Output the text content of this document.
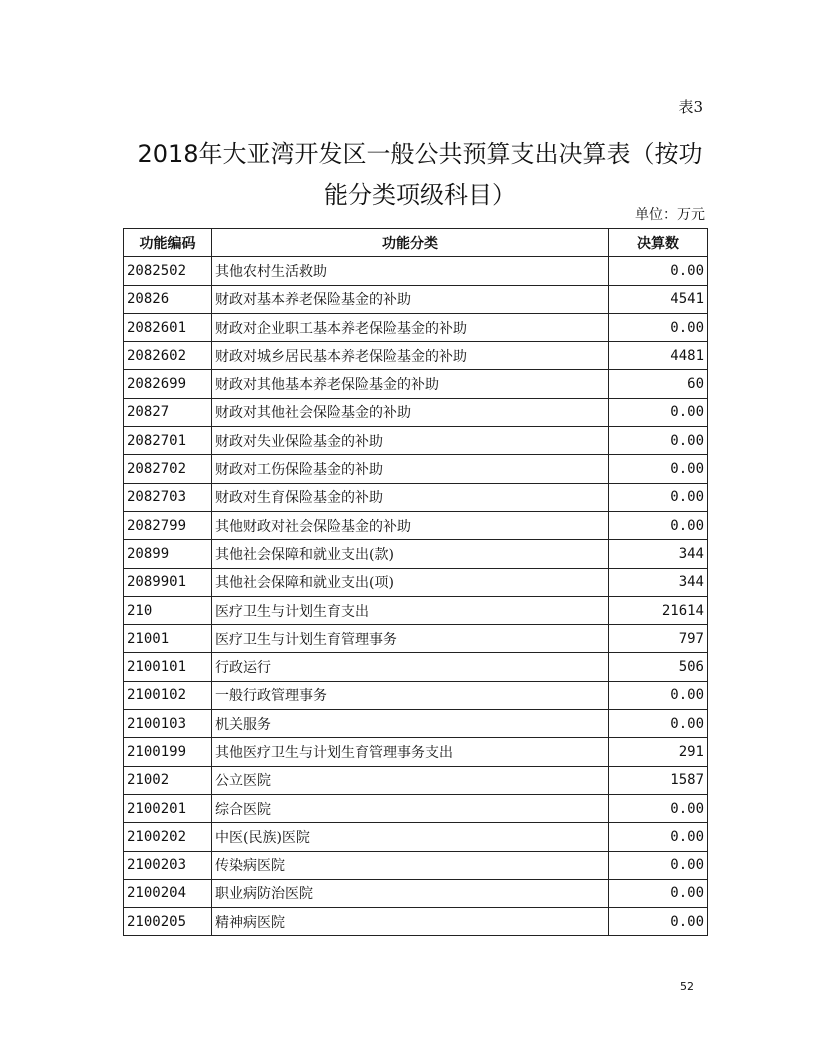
表3
2018年大亚湾开发区一般公共预算支出决算表（按功
能分类项级科目）
单位：万元
功能编码	功能分类	决算数
2082502	其他农村生活救助	0.00
20826	财政对基本养老保险基金的补助	4541
2082601	财政对企业职工基本养老保险基金的补助	0.00
2082602	财政对城乡居民基本养老保险基金的补助	4481
2082699	财政对其他基本养老保险基金的补助	60
20827	财政对其他社会保险基金的补助	0.00
2082701	财政对失业保险基金的补助	0.00
2082702	财政对工伤保险基金的补助	0.00
2082703	财政对生育保险基金的补助	0.00
2082799	其他财政对社会保险基金的补助	0.00
20899	其他社会保障和就业支出(款)	344
2089901	其他社会保障和就业支出(项)	344
210	医疗卫生与计划生育支出	21614
21001	医疗卫生与计划生育管理事务	797
2100101	行政运行	506
2100102	一般行政管理事务	0.00
2100103	机关服务	0.00
2100199	其他医疗卫生与计划生育管理事务支出	291
21002	公立医院	1587
2100201	综合医院	0.00
2100202	中医(民族)医院	0.00
2100203	传染病医院	0.00
2100204	职业病防治医院	0.00
2100205	精神病医院	0.00
52
